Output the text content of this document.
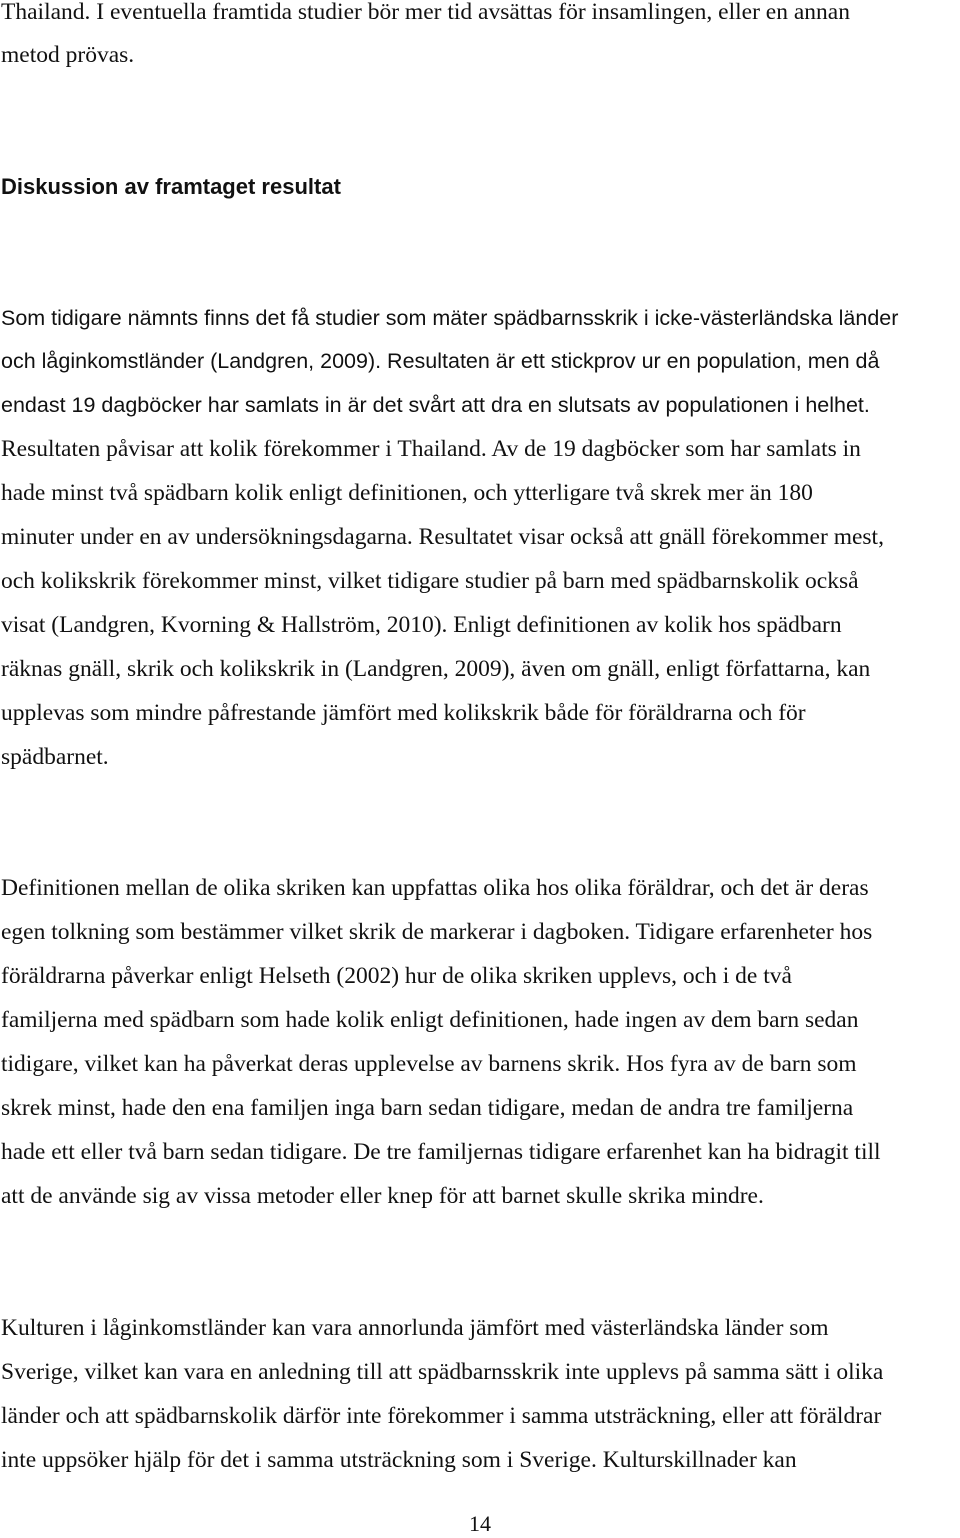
Thailand. I eventuella framtida studier bör mer tid avsättas för insamlingen, eller en annan
metod prövas.
Diskussion av framtaget resultat
Som tidigare nämnts finns det få studier som mäter spädbarnsskrik i icke-västerländska länder
och låginkomstländer (Landgren, 2009). Resultaten är ett stickprov ur en population, men då
endast 19 dagböcker har samlats in är det svårt att dra en slutsats av populationen i helhet.
Resultaten påvisar att kolik förekommer i Thailand. Av de 19 dagböcker som har samlats in
hade minst två spädbarn kolik enligt definitionen, och ytterligare två skrek mer än 180
minuter under en av undersökningsdagarna. Resultatet visar också att gnäll förekommer mest,
och kolikskrik förekommer minst, vilket tidigare studier på barn med spädbarnskolik också
visat (Landgren, Kvorning & Hallström, 2010). Enligt definitionen av kolik hos spädbarn
räknas gnäll, skrik och kolikskrik in (Landgren, 2009), även om gnäll, enligt författarna, kan
upplevas som mindre påfrestande jämfört med kolikskrik både för föräldrarna och för
spädbarnet.
Definitionen mellan de olika skriken kan uppfattas olika hos olika föräldrar, och det är deras
egen tolkning som bestämmer vilket skrik de markerar i dagboken. Tidigare erfarenheter hos
föräldrarna påverkar enligt Helseth (2002) hur de olika skriken upplevs, och i de två
familjerna med spädbarn som hade kolik enligt definitionen, hade ingen av dem barn sedan
tidigare, vilket kan ha påverkat deras upplevelse av barnens skrik. Hos fyra av de barn som
skrek minst, hade den ena familjen inga barn sedan tidigare, medan de andra tre familjerna
hade ett eller två barn sedan tidigare. De tre familjernas tidigare erfarenhet kan ha bidragit till
att de använde sig av vissa metoder eller knep för att barnet skulle skrika mindre.
Kulturen i låginkomstländer kan vara annorlunda jämfört med västerländska länder som
Sverige, vilket kan vara en anledning till att spädbarnsskrik inte upplevs på samma sätt i olika
länder och att spädbarnskolik därför inte förekommer i samma utsträckning, eller att föräldrar
inte uppsöker hjälp för det i samma utsträckning som i Sverige. Kulturskillnader kan
14
